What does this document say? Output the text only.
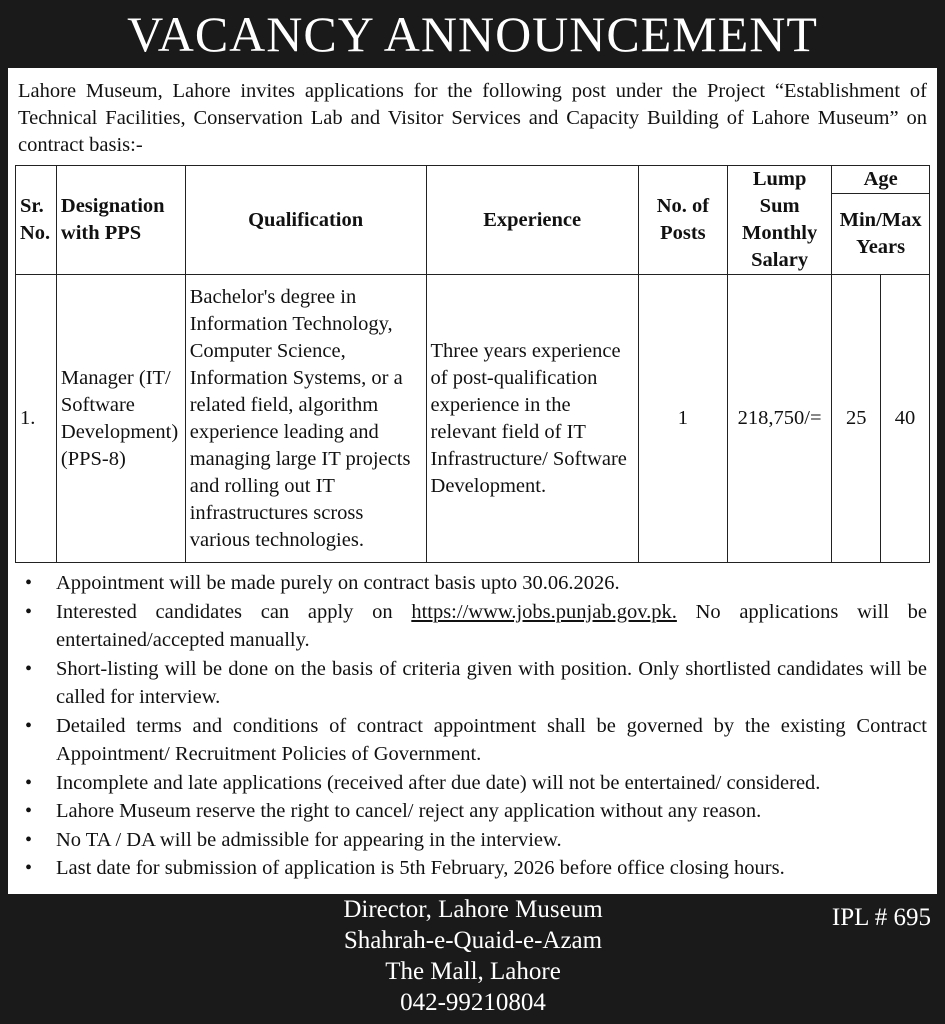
VACANCY ANNOUNCEMENT

Lahore Museum, Lahore invites applications for the following post under the Project “Establishment of Technical Facilities, Conservation Lab and Visitor Services and Capacity Building of Lahore Museum” on contract basis:-

Sr. No.	Designation with PPS	Qualification	Experience	No. of Posts	Lump Sum Monthly Salary	Age	
						Min/Max Years	
1.	Manager (IT/ Software Development) (PPS-8)	Bachelor's degree in Information Technology, Computer Science, Information Systems, or a related field, algorithm experience leading and managing large IT projects and rolling out IT infrastructures scross various technologies.	Three years experience of post-qualification experience in the relevant field of IT Infrastructure/ Software Development.	1	218,750/=	25	40
• Appointment will be made purely on contract basis upto 30.06.2026.
• Interested candidates can apply on https://www.jobs.punjab.gov.pk. No applications will be entertained/accepted manually.
• Short-listing will be done on the basis of criteria given with position. Only shortlisted candidates will be called for interview.
• Detailed terms and conditions of contract appointment shall be governed by the existing Contract Appointment/ Recruitment Policies of Government.
• Incomplete and late applications (received after due date) will not be entertained/ considered.
• Lahore Museum reserve the right to cancel/ reject any application without any reason.
• No TA / DA will be admissible for appearing in the interview.
• Last date for submission of application is 5th February, 2026 before office closing hours.
Director, Lahore Museum
Shahrah-e-Quaid-e-Azam
The Mall, Lahore
042-99210804
IPL # 695
